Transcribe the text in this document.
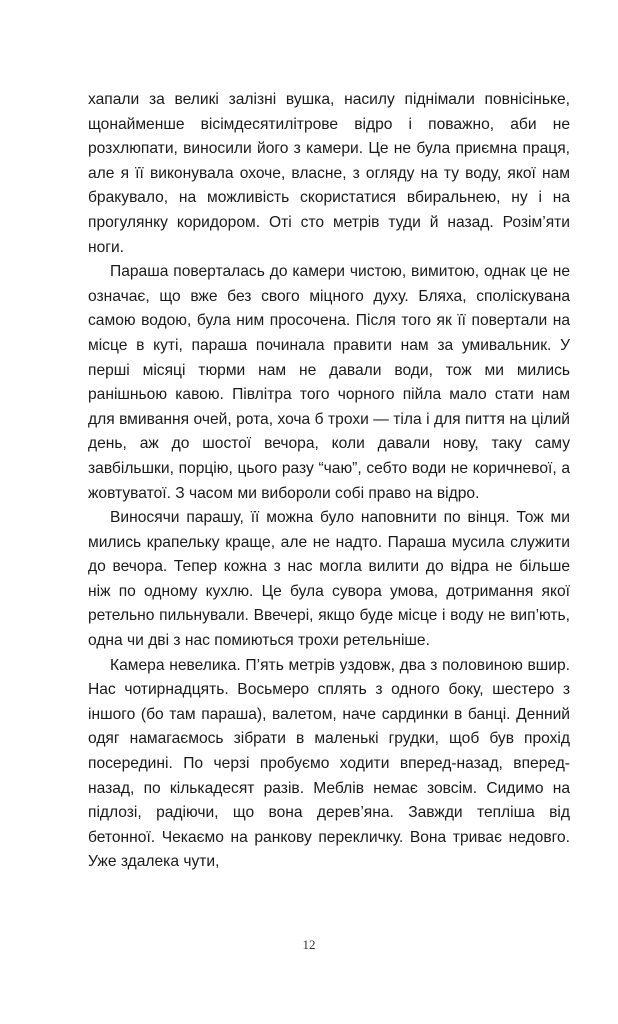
хапали за великі залізні вушка, насилу піднімали повнісіньке, щонайменше вісімдесятилітрове відро і поважно, аби не розхлюпати, виносили його з камери. Це не була приємна праця, але я її виконувала охоче, власне, з огляду на ту воду, якої нам бракувало, на можливість скористатися вбиральнею, ну і на прогулянку коридором. Оті сто метрів туди й назад. Розім’яти ноги.

Параша поверталась до камери чистою, вимитою, однак це не означає, що вже без свого міцного духу. Бляха, споліскувана самою водою, була ним просочена. Після того як її повертали на місце в куті, параша починала правити нам за умивальник. У перші місяці тюрми нам не давали води, тож ми мились ранішньою кавою. Півлітра того чорного пійла мало стати нам для вмивання очей, рота, хоча б трохи — тіла і для пиття на цілий день, аж до шостої вечора, коли давали нову, таку саму завбільшки, порцію, цього разу “чаю”, себто води не коричневої, а жовтуватої. З часом ми вибороли собі право на відро.

Виносячи парашу, її можна було наповнити по вінця. Тож ми мились крапельку краще, але не надто. Параша мусила служити до вечора. Тепер кожна з нас могла вилити до відра не більше ніж по одному кухлю. Це була сувора умова, дотримання якої ретельно пильнували. Ввечері, якщо буде місце і воду не вип’ють, одна чи дві з нас помиються трохи ретельніше.

Камера невелика. П’ять метрів уздовж, два з половиною вшир. Нас чотирнадцять. Восьмеро сплять з одного боку, шестеро з іншого (бо там параша), валетом, наче сардинки в банці. Денний одяг намагаємось зібрати в маленькі грудки, щоб був прохід посередині. По черзі пробуємо ходити вперед-назад, вперед-назад, по кількадесят разів. Меблів немає зовсім. Сидимо на підлозі, радіючи, що вона дерев’яна. Завжди тепліша від бетонної. Чекаємо на ранкову перекличку. Вона триває недовго. Уже здалека чути,

12
